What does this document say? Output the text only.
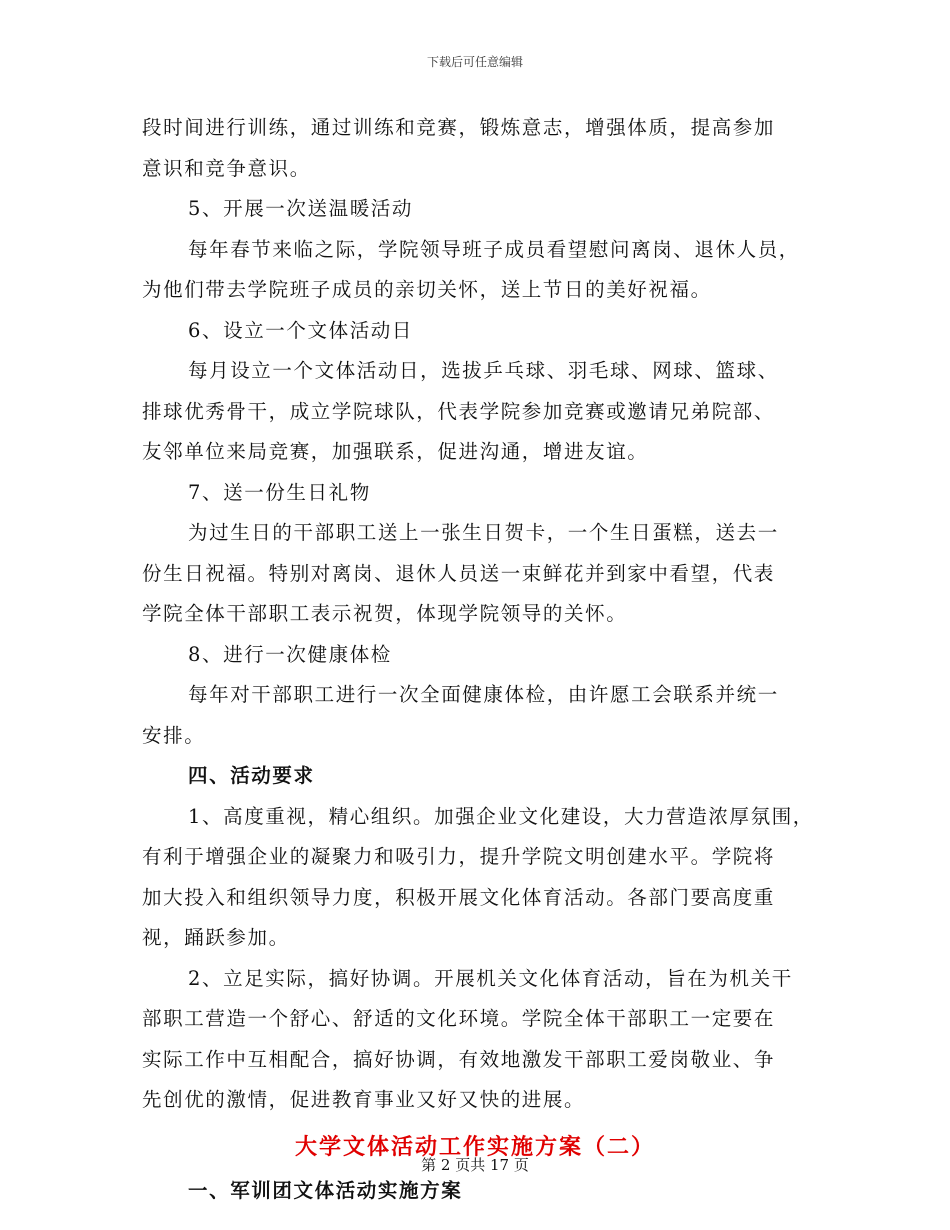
下载后可任意编辑
段时间进行训练，通过训练和竞赛，锻炼意志，增强体质，提高参加
意识和竞争意识。
5、开展一次送温暖活动
每年春节来临之际，学院领导班子成员看望慰问离岗、退休人员，
为他们带去学院班子成员的亲切关怀，送上节日的美好祝福。
6、设立一个文体活动日
每月设立一个文体活动日，选拔乒乓球、羽毛球、网球、篮球、
排球优秀骨干，成立学院球队，代表学院参加竞赛或邀请兄弟院部、
友邻单位来局竞赛，加强联系，促进沟通，增进友谊。
7、送一份生日礼物
为过生日的干部职工送上一张生日贺卡，一个生日蛋糕，送去一
份生日祝福。特别对离岗、退休人员送一束鲜花并到家中看望，代表
学院全体干部职工表示祝贺，体现学院领导的关怀。
8、进行一次健康体检
每年对干部职工进行一次全面健康体检，由许愿工会联系并统一
安排。
四、活动要求
1、高度重视，精心组织。加强企业文化建设，大力营造浓厚氛围，
有利于增强企业的凝聚力和吸引力，提升学院文明创建水平。学院将
加大投入和组织领导力度，积极开展文化体育活动。各部门要高度重
视，踊跃参加。
2、立足实际，搞好协调。开展机关文化体育活动，旨在为机关干
部职工营造一个舒心、舒适的文化环境。学院全体干部职工一定要在
实际工作中互相配合，搞好协调，有效地激发干部职工爱岗敬业、争
先创优的激情，促进教育事业又好又快的进展。
大学文体活动工作实施方案（二）
一、军训团文体活动实施方案
第 2 页共 17 页
